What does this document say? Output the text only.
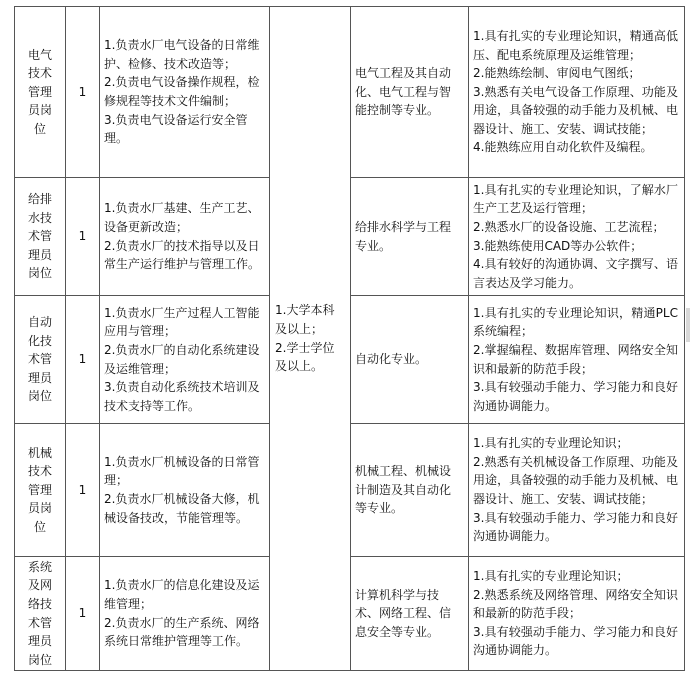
电气技术管理员岗位	1	1.负责水厂电气设备的日常维护、检修、技术改造等；
2.负责电气设备操作规程，检修规程等技术文件编制；
3.负责电气设备运行安全管理。	1.大学本科及以上；
2.学士学位及以上。	电气工程及其自动化、电气工程与智能控制等专业。	1.具有扎实的专业理论知识，精通高低压、配电系统原理及运维管理；
2.能熟练绘制、审阅电气图纸；
3.熟悉有关电气设备工作原理、功能及用途，具备较强的动手能力及机械、电器设计、施工、安装、调试技能；
4.能熟练应用自动化软件及编程。

给排水技术管理员岗位	1	1.负责水厂基建、生产工艺、设备更新改造；
2.负责水厂的技术指导以及日常生产运行维护与管理工作。		给排水科学与工程专业。	1.具有扎实的专业理论知识，了解水厂生产工艺及运行管理；
2.熟悉水厂的设备设施、工艺流程；
3.能熟练使用CAD等办公软件；
4.具有较好的沟通协调、文字撰写、语言表达及学习能力。

自动化技术管理员岗位	1	1.负责水厂生产过程人工智能应用与管理；
2.负责水厂的自动化系统建设及运维管理；
3.负责自动化系统技术培训及技术支持等工作。		自动化专业。	1.具有扎实的专业理论知识，精通PLC系统编程；
2.掌握编程、数据库管理、网络安全知识和最新的防范手段；
3.具有较强动手能力、学习能力和良好沟通协调能力。

机械技术管理员岗位	1	1.负责水厂机械设备的日常管理；
2.负责水厂机械设备大修，机械设备技改，节能管理等。		机械工程、机械设计制造及其自动化等专业。	1.具有扎实的专业理论知识；
2.熟悉有关机械设备工作原理、功能及用途，具备较强的动手能力及机械、电器设计、施工、安装、调试技能；
3.具有较强动手能力、学习能力和良好沟通协调能力。

系统及网络技术管理员岗位	1	1.负责水厂的信息化建设及运维管理；
2.负责水厂的生产系统、网络系统日常维护管理等工作。		计算机科学与技术、网络工程、信息安全等专业。	1.具有扎实的专业理论知识；
2.熟悉系统及网络管理、网络安全知识和最新的防范手段；
3.具有较强动手能力、学习能力和良好沟通协调能力。
